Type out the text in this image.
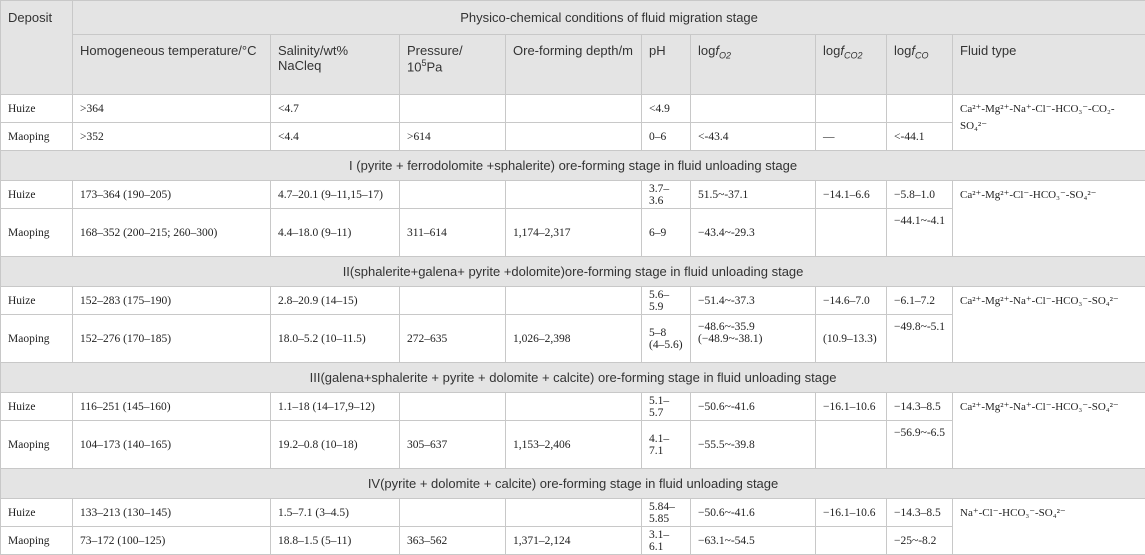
Deposit	Physico-chemical conditions of fluid migration stage								
	Homogeneous temperature/°C	Salinity/wt% NaCleq	Pressure/
$10^5Pa$	Ore-forming depth/m	pH	logf$_{O2}$	logf$_{CO2}$	logf$_{CO}$	Fluid type
Huize	>364	<4.7			<4.9				Ca²⁺-Mg²⁺-Na⁺-Cl⁻-HCO₃⁻-CO₂-SO₄²⁻
Maoping	>352	<4.4	>614		0–6	<-43.4	—	<-44.1	
I (pyrite + ferrodolomite +sphalerite) ore-forming stage in fluid unloading stage									
Huize	173–364 (190–205)	4.7–20.1 (9–11,15–17)			3.7–3.6	51.5~-37.1	−14.1–6.6	−5.8–1.0	Ca²⁺-Mg²⁺-Cl⁻-HCO₃⁻-SO₄²⁻
Maoping	168–352 (200–215; 260–300)	4.4–18.0 (9–11)	311–614	1,174–2,317	6–9	−43.4~-29.3		−44.1~-4.1	
II(sphalerite+galena+ pyrite +dolomite)ore-forming stage in fluid unloading stage									
Huize	152–283 (175–190)	2.8–20.9 (14–15)			5.6–5.9	−51.4~-37.3	−14.6–7.0	−6.1–7.2	Ca²⁺-Mg²⁺-Na⁺-Cl⁻-HCO₃⁻-SO₄²⁻
Maoping	152–276 (170–185)	18.0–5.2 (10–11.5)	272–635	1,026–2,398	5–8 (4–5.6)	−48.6~-35.9 (−48.9~-38.1)	(10.9–13.3)	−49.8~-5.1	
III(galena+sphalerite + pyrite + dolomite + calcite) ore-forming stage in fluid unloading stage									
Huize	116–251 (145–160)	1.1–18 (14–17,9–12)			5.1–5.7	−50.6~-41.6	−16.1–10.6	−14.3–8.5	Ca²⁺-Mg²⁺-Na⁺-Cl⁻-HCO₃⁻-SO₄²⁻
Maoping	104–173 (140–165)	19.2–0.8 (10–18)	305–637	1,153–2,406	4.1–7.1	−55.5~-39.8		−56.9~-6.5	
IV(pyrite + dolomite + calcite) ore-forming stage in fluid unloading stage									
Huize	133–213 (130–145)	1.5–7.1 (3–4.5)			5.84–5.85	−50.6~-41.6	−16.1–10.6	−14.3–8.5	Na⁺-Cl⁻-HCO₃⁻-SO₄²⁻
Maoping	73–172 (100–125)	18.8–1.5 (5–11)	363–562	1,371–2,124	3.1–6.1	−63.1~-54.5		−25~-8.2	
